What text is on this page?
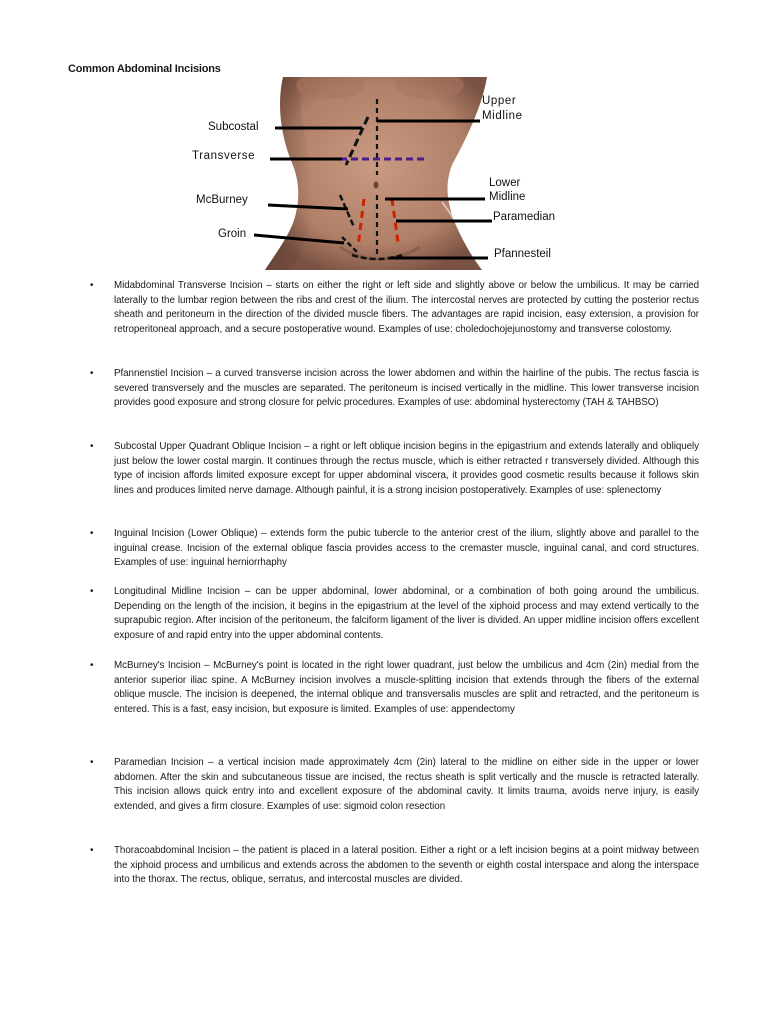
Common Abdominal Incisions
Subcostal
Transverse
McBurney
Groin
Upper
Midline
Lower
Midline
Paramedian
Pfannesteil
• Midabdominal Transverse Incision – starts on either the right or left side and slightly above or below the umbilicus. It may be carried laterally to the lumbar region between the ribs and crest of the ilium. The intercostal nerves are protected by cutting the posterior rectus sheath and peritoneum in the direction of the divided muscle fibers. The advantages are rapid incision, easy extension, a provision for retroperitoneal approach, and a secure postoperative wound. Examples of use: choledochojejunostomy and transverse colostomy.
• Pfannenstiel Incision – a curved transverse incision across the lower abdomen and within the hairline of the pubis. The rectus fascia is severed transversely and the muscles are separated. The peritoneum is incised vertically in the midline. This lower transverse incision provides good exposure and strong closure for pelvic procedures. Examples of use: abdominal hysterectomy (TAH & TAHBSO)
• Subcostal Upper Quadrant Oblique Incision – a right or left oblique incision begins in the epigastrium and extends laterally and obliquely just below the lower costal margin. It continues through the rectus muscle, which is either retracted r transversely divided. Although this type of incision affords limited exposure except for upper abdominal viscera, it provides good cosmetic results because it follows skin lines and produces limited nerve damage. Although painful, it is a strong incision postoperatively. Examples of use: splenectomy
• Inguinal Incision (Lower Oblique) – extends form the pubic tubercle to the anterior crest of the ilium, slightly above and parallel to the inguinal crease. Incision of the external oblique fascia provides access to the cremaster muscle, inguinal canal, and cord structures. Examples of use: inguinal herniorrhaphy
• Longitudinal Midline Incision – can be upper abdominal, lower abdominal, or a combination of both going around the umbilicus. Depending on the length of the incision, it begins in the epigastrium at the level of the xiphoid process and may extend vertically to the suprapubic region. After incision of the peritoneum, the falciform ligament of the liver is divided. An upper midline incision offers excellent exposure of and rapid entry into the upper abdominal contents.
• McBurney's Incision – McBurney's point is located in the right lower quadrant, just below the umbilicus and 4cm (2in) medial from the anterior superior iliac spine. A McBurney incision involves a muscle-splitting incision that extends through the fibers of the external oblique muscle. The incision is deepened, the internal oblique and transversalis muscles are split and retracted, and the peritoneum is entered. This is a fast, easy incision, but exposure is limited. Examples of use: appendectomy
• Paramedian Incision – a vertical incision made approximately 4cm (2in) lateral to the midline on either side in the upper or lower abdomen. After the skin and subcutaneous tissue are incised, the rectus sheath is split vertically and the muscle is retracted laterally. This incision allows quick entry into and excellent exposure of the abdominal cavity. It limits trauma, avoids nerve injury, is easily extended, and gives a firm closure. Examples of use: sigmoid colon resection
• Thoracoabdominal Incision – the patient is placed in a lateral position. Either a right or a left incision begins at a point midway between the xiphoid process and umbilicus and extends across the abdomen to the seventh or eighth costal interspace and along the interspace into the thorax. The rectus, oblique, serratus, and intercostal muscles are divided.
